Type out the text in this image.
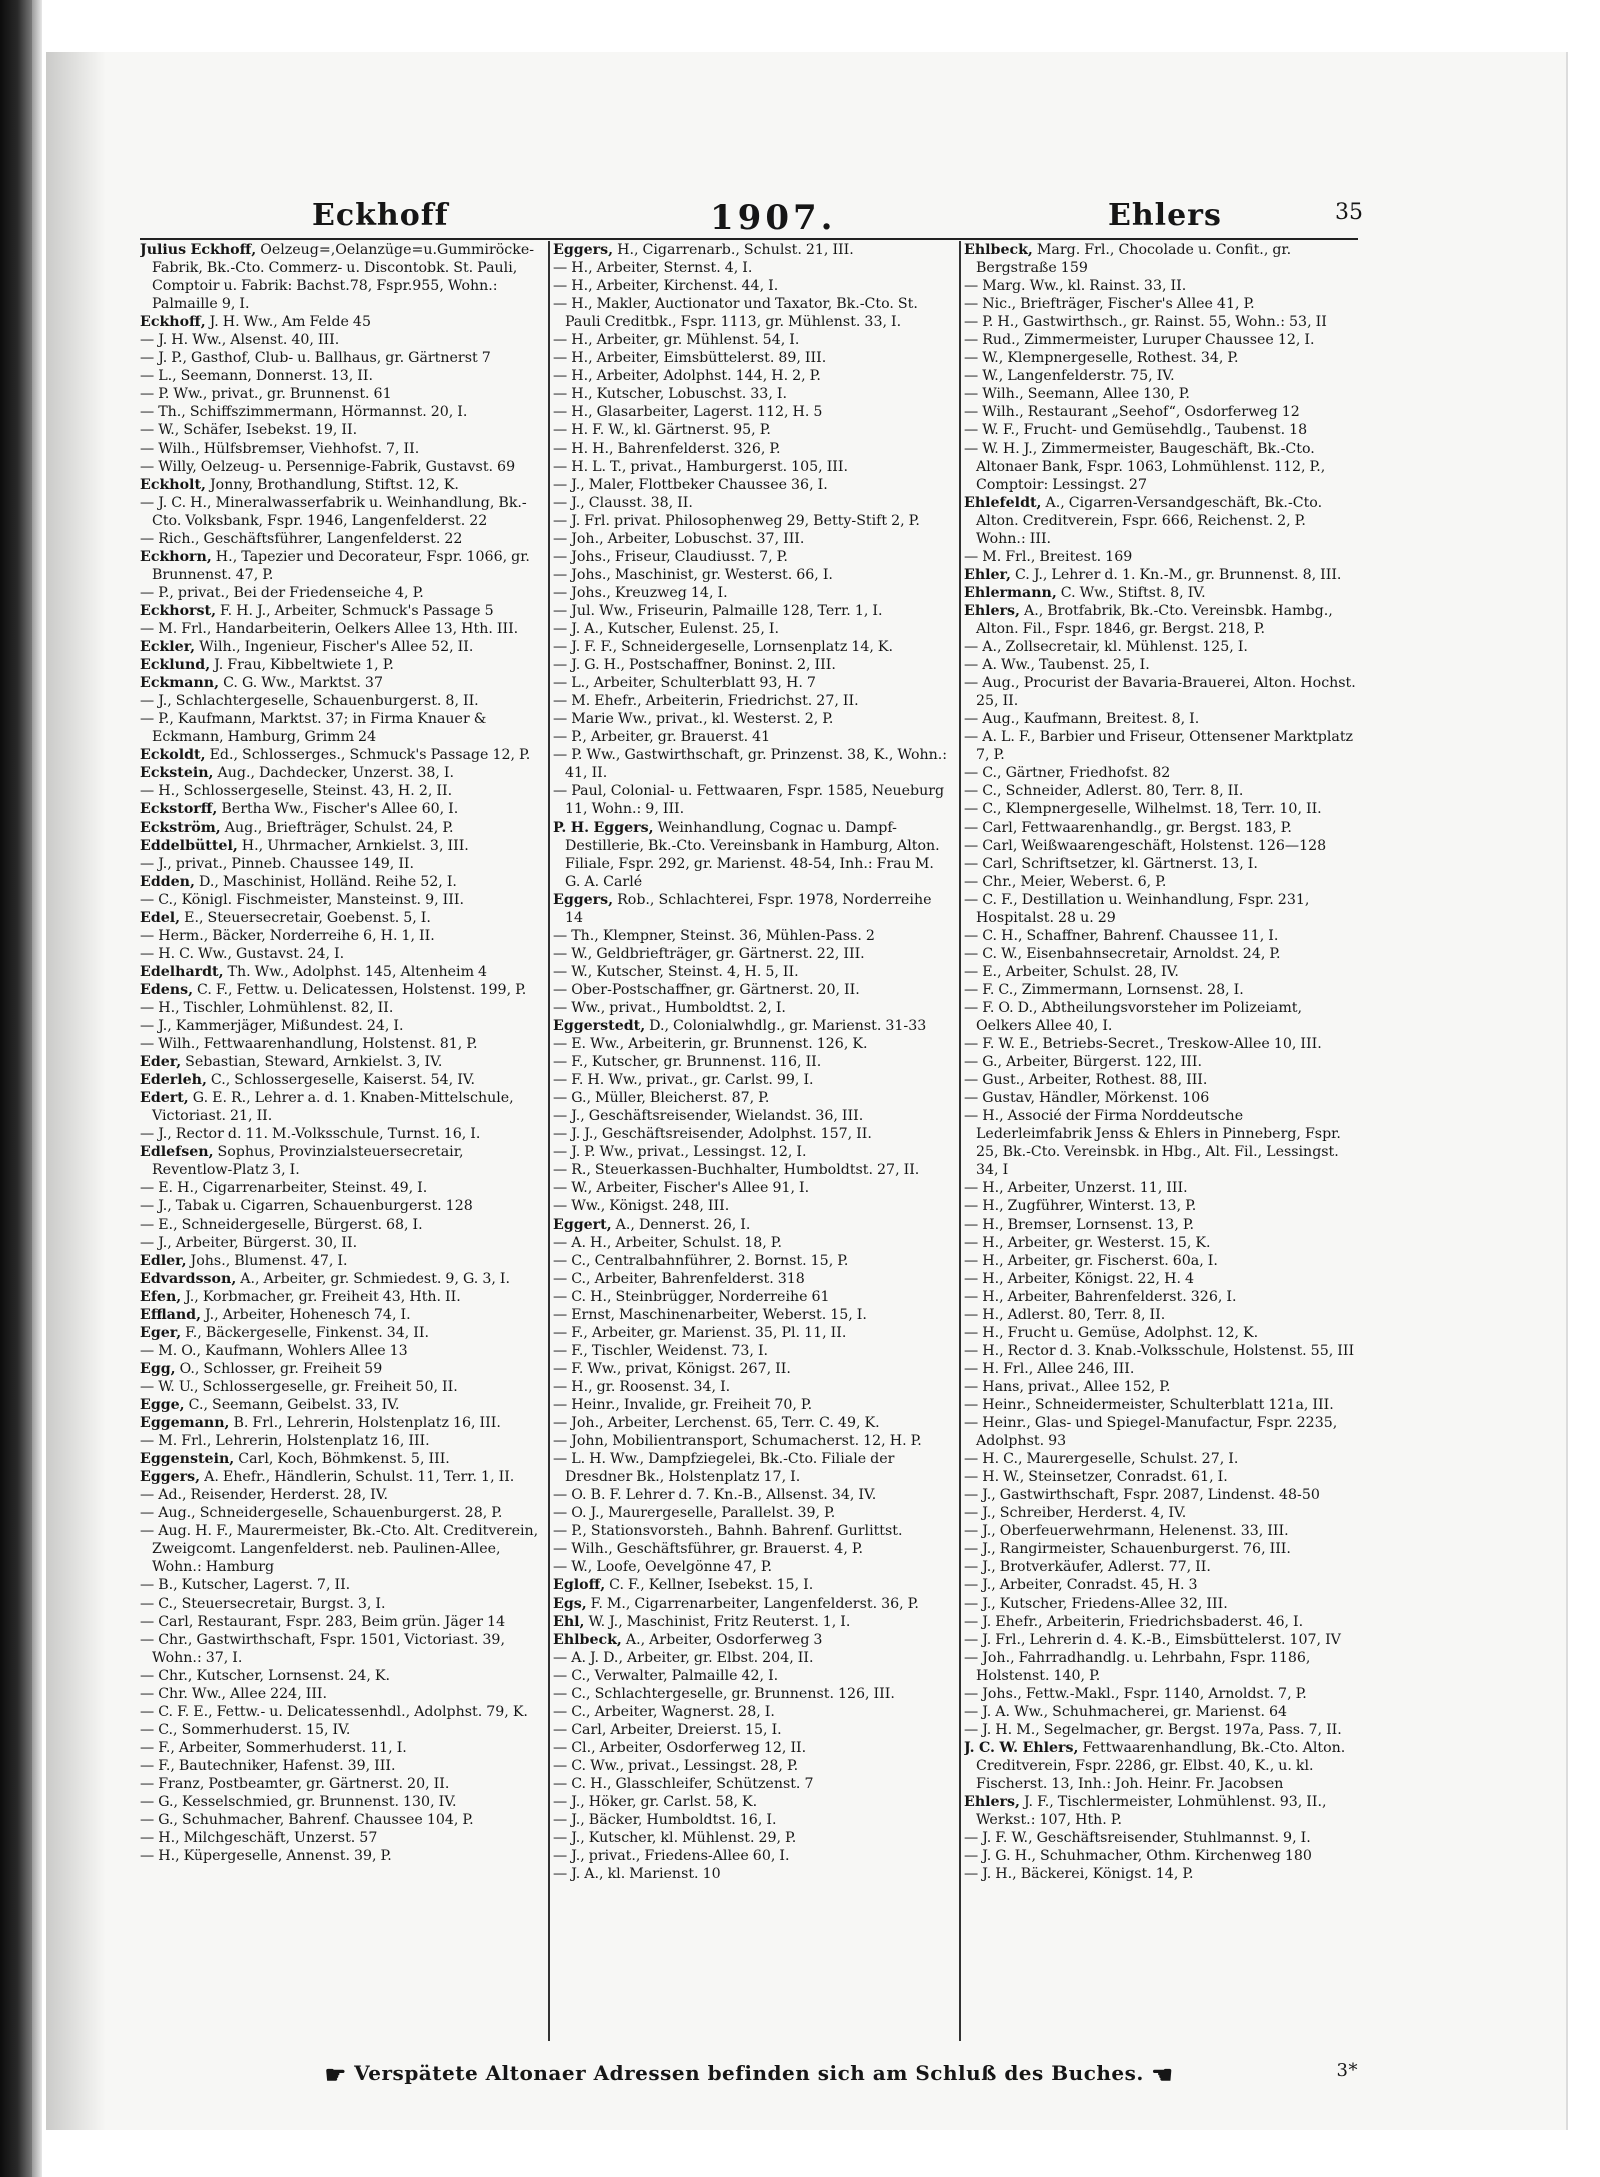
Eckhoff	1907.	Ehlers	35

Julius Eckhoff, Oelzeug=,Oelanzüge=u.Gummiröcke-Fabrik, Bk.-Cto. Commerz- u. Discontobk. St. Pauli, Comptoir u. Fabrik: Bachst.78, Fspr.955, Wohn.: Palmaille 9, I.

Eckhoff, J. H. Ww., Am Felde 45

— J. H. Ww., Alsenst. 40, III.

— J. P., Gasthof, Club- u. Ballhaus, gr. Gärtnerst 7

— L., Seemann, Donnerst. 13, II.

— P. Ww., privat., gr. Brunnenst. 61

— Th., Schiffszimmermann, Hörmannst. 20, I.

— W., Schäfer, Isebekst. 19, II.

— Wilh., Hülfsbremser, Viehhofst. 7, II.

— Willy, Oelzeug- u. Persennige-Fabrik, Gustavst. 69

Eckholt, Jonny, Brothandlung, Stiftst. 12, K.

— J. C. H., Mineralwasserfabrik u. Weinhandlung, Bk.-Cto. Volksbank, Fspr. 1946, Langenfelderst. 22

— Rich., Geschäftsführer, Langenfelderst. 22

Eckhorn, H., Tapezier und Decorateur, Fspr. 1066, gr. Brunnenst. 47, P.

— P., privat., Bei der Friedenseiche 4, P.

Eckhorst, F. H. J., Arbeiter, Schmuck's Passage 5

— M. Frl., Handarbeiterin, Oelkers Allee 13, Hth. III.

Eckler, Wilh., Ingenieur, Fischer's Allee 52, II.

Ecklund, J. Frau, Kibbeltwiete 1, P.

Eckmann, C. G. Ww., Marktst. 37

— J., Schlachtergeselle, Schauenburgerst. 8, II.

— P., Kaufmann, Marktst. 37; in Firma Knauer & Eckmann, Hamburg, Grimm 24

Eckoldt, Ed., Schlosserges., Schmuck's Passage 12, P.

Eckstein, Aug., Dachdecker, Unzerst. 38, I.

— H., Schlossergeselle, Steinst. 43, H. 2, II.

Eckstorff, Bertha Ww., Fischer's Allee 60, I.

Eckström, Aug., Briefträger, Schulst. 24, P.

Eddelbüttel, H., Uhrmacher, Arnkielst. 3, III.

— J., privat., Pinneb. Chaussee 149, II.

Edden, D., Maschinist, Holländ. Reihe 52, I.

— C., Königl. Fischmeister, Mansteinst. 9, III.

Edel, E., Steuersecretair, Goebenst. 5, I.

— Herm., Bäcker, Norderreihe 6, H. 1, II.

— H. C. Ww., Gustavst. 24, I.

Edelhardt, Th. Ww., Adolphst. 145, Altenheim 4

Edens, C. F., Fettw. u. Delicatessen, Holstenst. 199, P.

— H., Tischler, Lohmühlenst. 82, II.

— J., Kammerjäger, Mißundest. 24, I.

— Wilh., Fettwaarenhandlung, Holstenst. 81, P.

Eder, Sebastian, Steward, Arnkielst. 3, IV.

Ederleh, C., Schlossergeselle, Kaiserst. 54, IV.

Edert, G. E. R., Lehrer a. d. 1. Knaben-Mittelschule, Victoriast. 21, II.

— J., Rector d. 11. M.-Volksschule, Turnst. 16, I.

Edlefsen, Sophus, Provinzialsteuersecretair, Reventlow-Platz 3, I.

— E. H., Cigarrenarbeiter, Steinst. 49, I.

— J., Tabak u. Cigarren, Schauenburgerst. 128

— E., Schneidergeselle, Bürgerst. 68, I.

— J., Arbeiter, Bürgerst. 30, II.

Edler, Johs., Blumenst. 47, I.

Edvardsson, A., Arbeiter, gr. Schmiedest. 9, G. 3, I.

Efen, J., Korbmacher, gr. Freiheit 43, Hth. II.

Effland, J., Arbeiter, Hohenesch 74, I.

Eger, F., Bäckergeselle, Finkenst. 34, II.

— M. O., Kaufmann, Wohlers Allee 13

Egg, O., Schlosser, gr. Freiheit 59

— W. U., Schlossergeselle, gr. Freiheit 50, II.

Egge, C., Seemann, Geibelst. 33, IV.

Eggemann, B. Frl., Lehrerin, Holstenplatz 16, III.

— M. Frl., Lehrerin, Holstenplatz 16, III.

Eggenstein, Carl, Koch, Böhmkenst. 5, III.

Eggers, A. Ehefr., Händlerin, Schulst. 11, Terr. 1, II.

— Ad., Reisender, Herderst. 28, IV.

— Aug., Schneidergeselle, Schauenburgerst. 28, P.

— Aug. H. F., Maurermeister, Bk.-Cto. Alt. Creditverein, Zweigcomt. Langenfelderst. neb. Paulinen-Allee, Wohn.: Hamburg

— B., Kutscher, Lagerst. 7, II.

— C., Steuersecretair, Burgst. 3, I.

— Carl, Restaurant, Fspr. 283, Beim grün. Jäger 14

— Chr., Gastwirthschaft, Fspr. 1501, Victoriast. 39, Wohn.: 37, I.

— Chr., Kutscher, Lornsenst. 24, K.

— Chr. Ww., Allee 224, III.

— C. F. E., Fettw.- u. Delicatessenhdl., Adolphst. 79, K.

— C., Sommerhuderst. 15, IV.

— F., Arbeiter, Sommerhuderst. 11, I.

— F., Bautechniker, Hafenst. 39, III.

— Franz, Postbeamter, gr. Gärtnerst. 20, II.

— G., Kesselschmied, gr. Brunnenst. 130, IV.

— G., Schuhmacher, Bahrenf. Chaussee 104, P.

— H., Milchgeschäft, Unzerst. 57

— H., Küpergeselle, Annenst. 39, P.

Eggers, H., Cigarrenarb., Schulst. 21, III.

— H., Arbeiter, Sternst. 4, I.

— H., Arbeiter, Kirchenst. 44, I.

— H., Makler, Auctionator und Taxator, Bk.-Cto. St. Pauli Creditbk., Fspr. 1113, gr. Mühlenst. 33, I.

— H., Arbeiter, gr. Mühlenst. 54, I.

— H., Arbeiter, Eimsbüttelerst. 89, III.

— H., Arbeiter, Adolphst. 144, H. 2, P.

— H., Kutscher, Lobuschst. 33, I.

— H., Glasarbeiter, Lagerst. 112, H. 5

— H. F. W., kl. Gärtnerst. 95, P.

— H. H., Bahrenfelderst. 326, P.

— H. L. T., privat., Hamburgerst. 105, III.

— J., Maler, Flottbeker Chaussee 36, I.

— J., Clausst. 38, II.

— J. Frl. privat. Philosophenweg 29, Betty-Stift 2, P.

— Joh., Arbeiter, Lobuschst. 37, III.

— Johs., Friseur, Claudiusst. 7, P.

— Johs., Maschinist, gr. Westerst. 66, I.

— Johs., Kreuzweg 14, I.

— Jul. Ww., Friseurin, Palmaille 128, Terr. 1, I.

— J. A., Kutscher, Eulenst. 25, I.

— J. F. F., Schneidergeselle, Lornsenplatz 14, K.

— J. G. H., Postschaffner, Boninst. 2, III.

— L., Arbeiter, Schulterblatt 93, H. 7

— M. Ehefr., Arbeiterin, Friedrichst. 27, II.

— Marie Ww., privat., kl. Westerst. 2, P.

— P., Arbeiter, gr. Brauerst. 41

— P. Ww., Gastwirthschaft, gr. Prinzenst. 38, K., Wohn.: 41, II.

— Paul, Colonial- u. Fettwaaren, Fspr. 1585, Neueburg 11, Wohn.: 9, III.

P. H. Eggers, Weinhandlung, Cognac u. Dampf-Destillerie, Bk.-Cto. Vereinsbank in Hamburg, Alton. Filiale, Fspr. 292, gr. Marienst. 48-54, Inh.: Frau M. G. A. Carlé

Eggers, Rob., Schlachterei, Fspr. 1978, Norderreihe 14

— Th., Klempner, Steinst. 36, Mühlen-Pass. 2

— W., Geldbriefträger, gr. Gärtnerst. 22, III.

— W., Kutscher, Steinst. 4, H. 5, II.

— Ober-Postschaffner, gr. Gärtnerst. 20, II.

— Ww., privat., Humboldtst. 2, I.

Eggerstedt, D., Colonialwhdlg., gr. Marienst. 31-33

— E. Ww., Arbeiterin, gr. Brunnenst. 126, K.

— F., Kutscher, gr. Brunnenst. 116, II.

— F. H. Ww., privat., gr. Carlst. 99, I.

— G., Müller, Bleicherst. 87, P.

— J., Geschäftsreisender, Wielandst. 36, III.

— J. J., Geschäftsreisender, Adolphst. 157, II.

— J. P. Ww., privat., Lessingst. 12, I.

— R., Steuerkassen-Buchhalter, Humboldtst. 27, II.

— W., Arbeiter, Fischer's Allee 91, I.

— Ww., Königst. 248, III.

Eggert, A., Dennerst. 26, I.

— A. H., Arbeiter, Schulst. 18, P.

— C., Centralbahnführer, 2. Bornst. 15, P.

— C., Arbeiter, Bahrenfelderst. 318

— C. H., Steinbrügger, Norderreihe 61

— Ernst, Maschinenarbeiter, Weberst. 15, I.

— F., Arbeiter, gr. Marienst. 35, Pl. 11, II.

— F., Tischler, Weidenst. 73, I.

— F. Ww., privat, Königst. 267, II.

— H., gr. Roosenst. 34, I.

— Heinr., Invalide, gr. Freiheit 70, P.

— Joh., Arbeiter, Lerchenst. 65, Terr. C. 49, K.

— John, Mobilientransport, Schumacherst. 12, H. P.

— L. H. Ww., Dampfziegelei, Bk.-Cto. Filiale der Dresdner Bk., Holstenplatz 17, I.

— O. B. F. Lehrer d. 7. Kn.-B., Allsenst. 34, IV.

— O. J., Maurergeselle, Parallelst. 39, P.

— P., Stationsvorsteh., Bahnh. Bahrenf. Gurlittst.

— Wilh., Geschäftsführer, gr. Brauerst. 4, P.

— W., Loofe, Oevelgönne 47, P.

Egloff, C. F., Kellner, Isebekst. 15, I.

Egs, F. M., Cigarrenarbeiter, Langenfelderst. 36, P.

Ehl, W. J., Maschinist, Fritz Reuterst. 1, I.

Ehlbeck, A., Arbeiter, Osdorferweg 3

— A. J. D., Arbeiter, gr. Elbst. 204, II.

— C., Verwalter, Palmaille 42, I.

— C., Schlachtergeselle, gr. Brunnenst. 126, III.

— C., Arbeiter, Wagnerst. 28, I.

— Carl, Arbeiter, Dreierst. 15, I.

— Cl., Arbeiter, Osdorferweg 12, II.

— C. Ww., privat., Lessingst. 28, P.

— C. H., Glasschleifer, Schützenst. 7

— J., Höker, gr. Carlst. 58, K.

— J., Bäcker, Humboldtst. 16, I.

— J., Kutscher, kl. Mühlenst. 29, P.

— J., privat., Friedens-Allee 60, I.

— J. A., kl. Marienst. 10

Ehlbeck, Marg. Frl., Chocolade u. Confit., gr. Bergstraße 159

— Marg. Ww., kl. Rainst. 33, II.

— Nic., Briefträger, Fischer's Allee 41, P.

— P. H., Gastwirthsch., gr. Rainst. 55, Wohn.: 53, II

— Rud., Zimmermeister, Luruper Chaussee 12, I.

— W., Klempnergeselle, Rothest. 34, P.

— W., Langenfelderstr. 75, IV.

— Wilh., Seemann, Allee 130, P.

— Wilh., Restaurant „Seehof“, Osdorferweg 12

— W. F., Frucht- und Gemüsehdlg., Taubenst. 18

— W. H. J., Zimmermeister, Baugeschäft, Bk.-Cto. Altonaer Bank, Fspr. 1063, Lohmühlenst. 112, P., Comptoir: Lessingst. 27

Ehlefeldt, A., Cigarren-Versandgeschäft, Bk.-Cto. Alton. Creditverein, Fspr. 666, Reichenst. 2, P. Wohn.: III.

— M. Frl., Breitest. 169

Ehler, C. J., Lehrer d. 1. Kn.-M., gr. Brunnenst. 8, III.

Ehlermann, C. Ww., Stiftst. 8, IV.

Ehlers, A., Brotfabrik, Bk.-Cto. Vereinsbk. Hambg., Alton. Fil., Fspr. 1846, gr. Bergst. 218, P.

— A., Zollsecretair, kl. Mühlenst. 125, I.

— A. Ww., Taubenst. 25, I.

— Aug., Procurist der Bavaria-Brauerei, Alton. Hochst. 25, II.

— Aug., Kaufmann, Breitest. 8, I.

— A. L. F., Barbier und Friseur, Ottensener Marktplatz 7, P.

— C., Gärtner, Friedhofst. 82

— C., Schneider, Adlerst. 80, Terr. 8, II.

— C., Klempnergeselle, Wilhelmst. 18, Terr. 10, II.

— Carl, Fettwaarenhandlg., gr. Bergst. 183, P.

— Carl, Weißwaarengeschäft, Holstenst. 126—128

— Carl, Schriftsetzer, kl. Gärtnerst. 13, I.

— Chr., Meier, Weberst. 6, P.

— C. F., Destillation u. Weinhandlung, Fspr. 231, Hospitalst. 28 u. 29

— C. H., Schaffner, Bahrenf. Chaussee 11, I.

— C. W., Eisenbahnsecretair, Arnoldst. 24, P.

— E., Arbeiter, Schulst. 28, IV.

— F. C., Zimmermann, Lornsenst. 28, I.

— F. O. D., Abtheilungsvorsteher im Polizeiamt, Oelkers Allee 40, I.

— F. W. E., Betriebs-Secret., Treskow-Allee 10, III.

— G., Arbeiter, Bürgerst. 122, III.

— Gust., Arbeiter, Rothest. 88, III.

— Gustav, Händler, Mörkenst. 106

— H., Associé der Firma Norddeutsche Lederleimfabrik Jenss & Ehlers in Pinneberg, Fspr. 25, Bk.-Cto. Vereinsbk. in Hbg., Alt. Fil., Lessingst. 34, I

— H., Arbeiter, Unzerst. 11, III.

— H., Zugführer, Winterst. 13, P.

— H., Bremser, Lornsenst. 13, P.

— H., Arbeiter, gr. Westerst. 15, K.

— H., Arbeiter, gr. Fischerst. 60a, I.

— H., Arbeiter, Königst. 22, H. 4

— H., Arbeiter, Bahrenfelderst. 326, I.

— H., Adlerst. 80, Terr. 8, II.

— H., Frucht u. Gemüse, Adolphst. 12, K.

— H., Rector d. 3. Knab.-Volksschule, Holstenst. 55, III

— H. Frl., Allee 246, III.

— Hans, privat., Allee 152, P.

— Heinr., Schneidermeister, Schulterblatt 121a, III.

— Heinr., Glas- und Spiegel-Manufactur, Fspr. 2235, Adolphst. 93

— H. C., Maurergeselle, Schulst. 27, I.

— H. W., Steinsetzer, Conradst. 61, I.

— J., Gastwirthschaft, Fspr. 2087, Lindenst. 48-50

— J., Schreiber, Herderst. 4, IV.

— J., Oberfeuerwehrmann, Helenenst. 33, III.

— J., Rangirmeister, Schauenburgerst. 76, III.

— J., Brotverkäufer, Adlerst. 77, II.

— J., Arbeiter, Conradst. 45, H. 3

— J., Kutscher, Friedens-Allee 32, III.

— J. Ehefr., Arbeiterin, Friedrichsbaderst. 46, I.

— J. Frl., Lehrerin d. 4. K.-B., Eimsbüttelerst. 107, IV

— Joh., Fahrradhandlg. u. Lehrbahn, Fspr. 1186, Holstenst. 140, P.

— Johs., Fettw.-Makl., Fspr. 1140, Arnoldst. 7, P.

— J. A. Ww., Schuhmacherei, gr. Marienst. 64

— J. H. M., Segelmacher, gr. Bergst. 197a, Pass. 7, II.

J. C. W. Ehlers, Fettwaarenhandlung, Bk.-Cto. Alton. Creditverein, Fspr. 2286, gr. Elbst. 40, K., u. kl. Fischerst. 13, Inh.: Joh. Heinr. Fr. Jacobsen

Ehlers, J. F., Tischlermeister, Lohmühlenst. 93, II., Werkst.: 107, Hth. P.

— J. F. W., Geschäftsreisender, Stuhlmannst. 9, I.

— J. G. H., Schuhmacher, Othm. Kirchenweg 180

— J. H., Bäckerei, Königst. 14, P.

☛ Verspätete Altonaer Adressen befinden sich am Schluß des Buches. ☚	3*
